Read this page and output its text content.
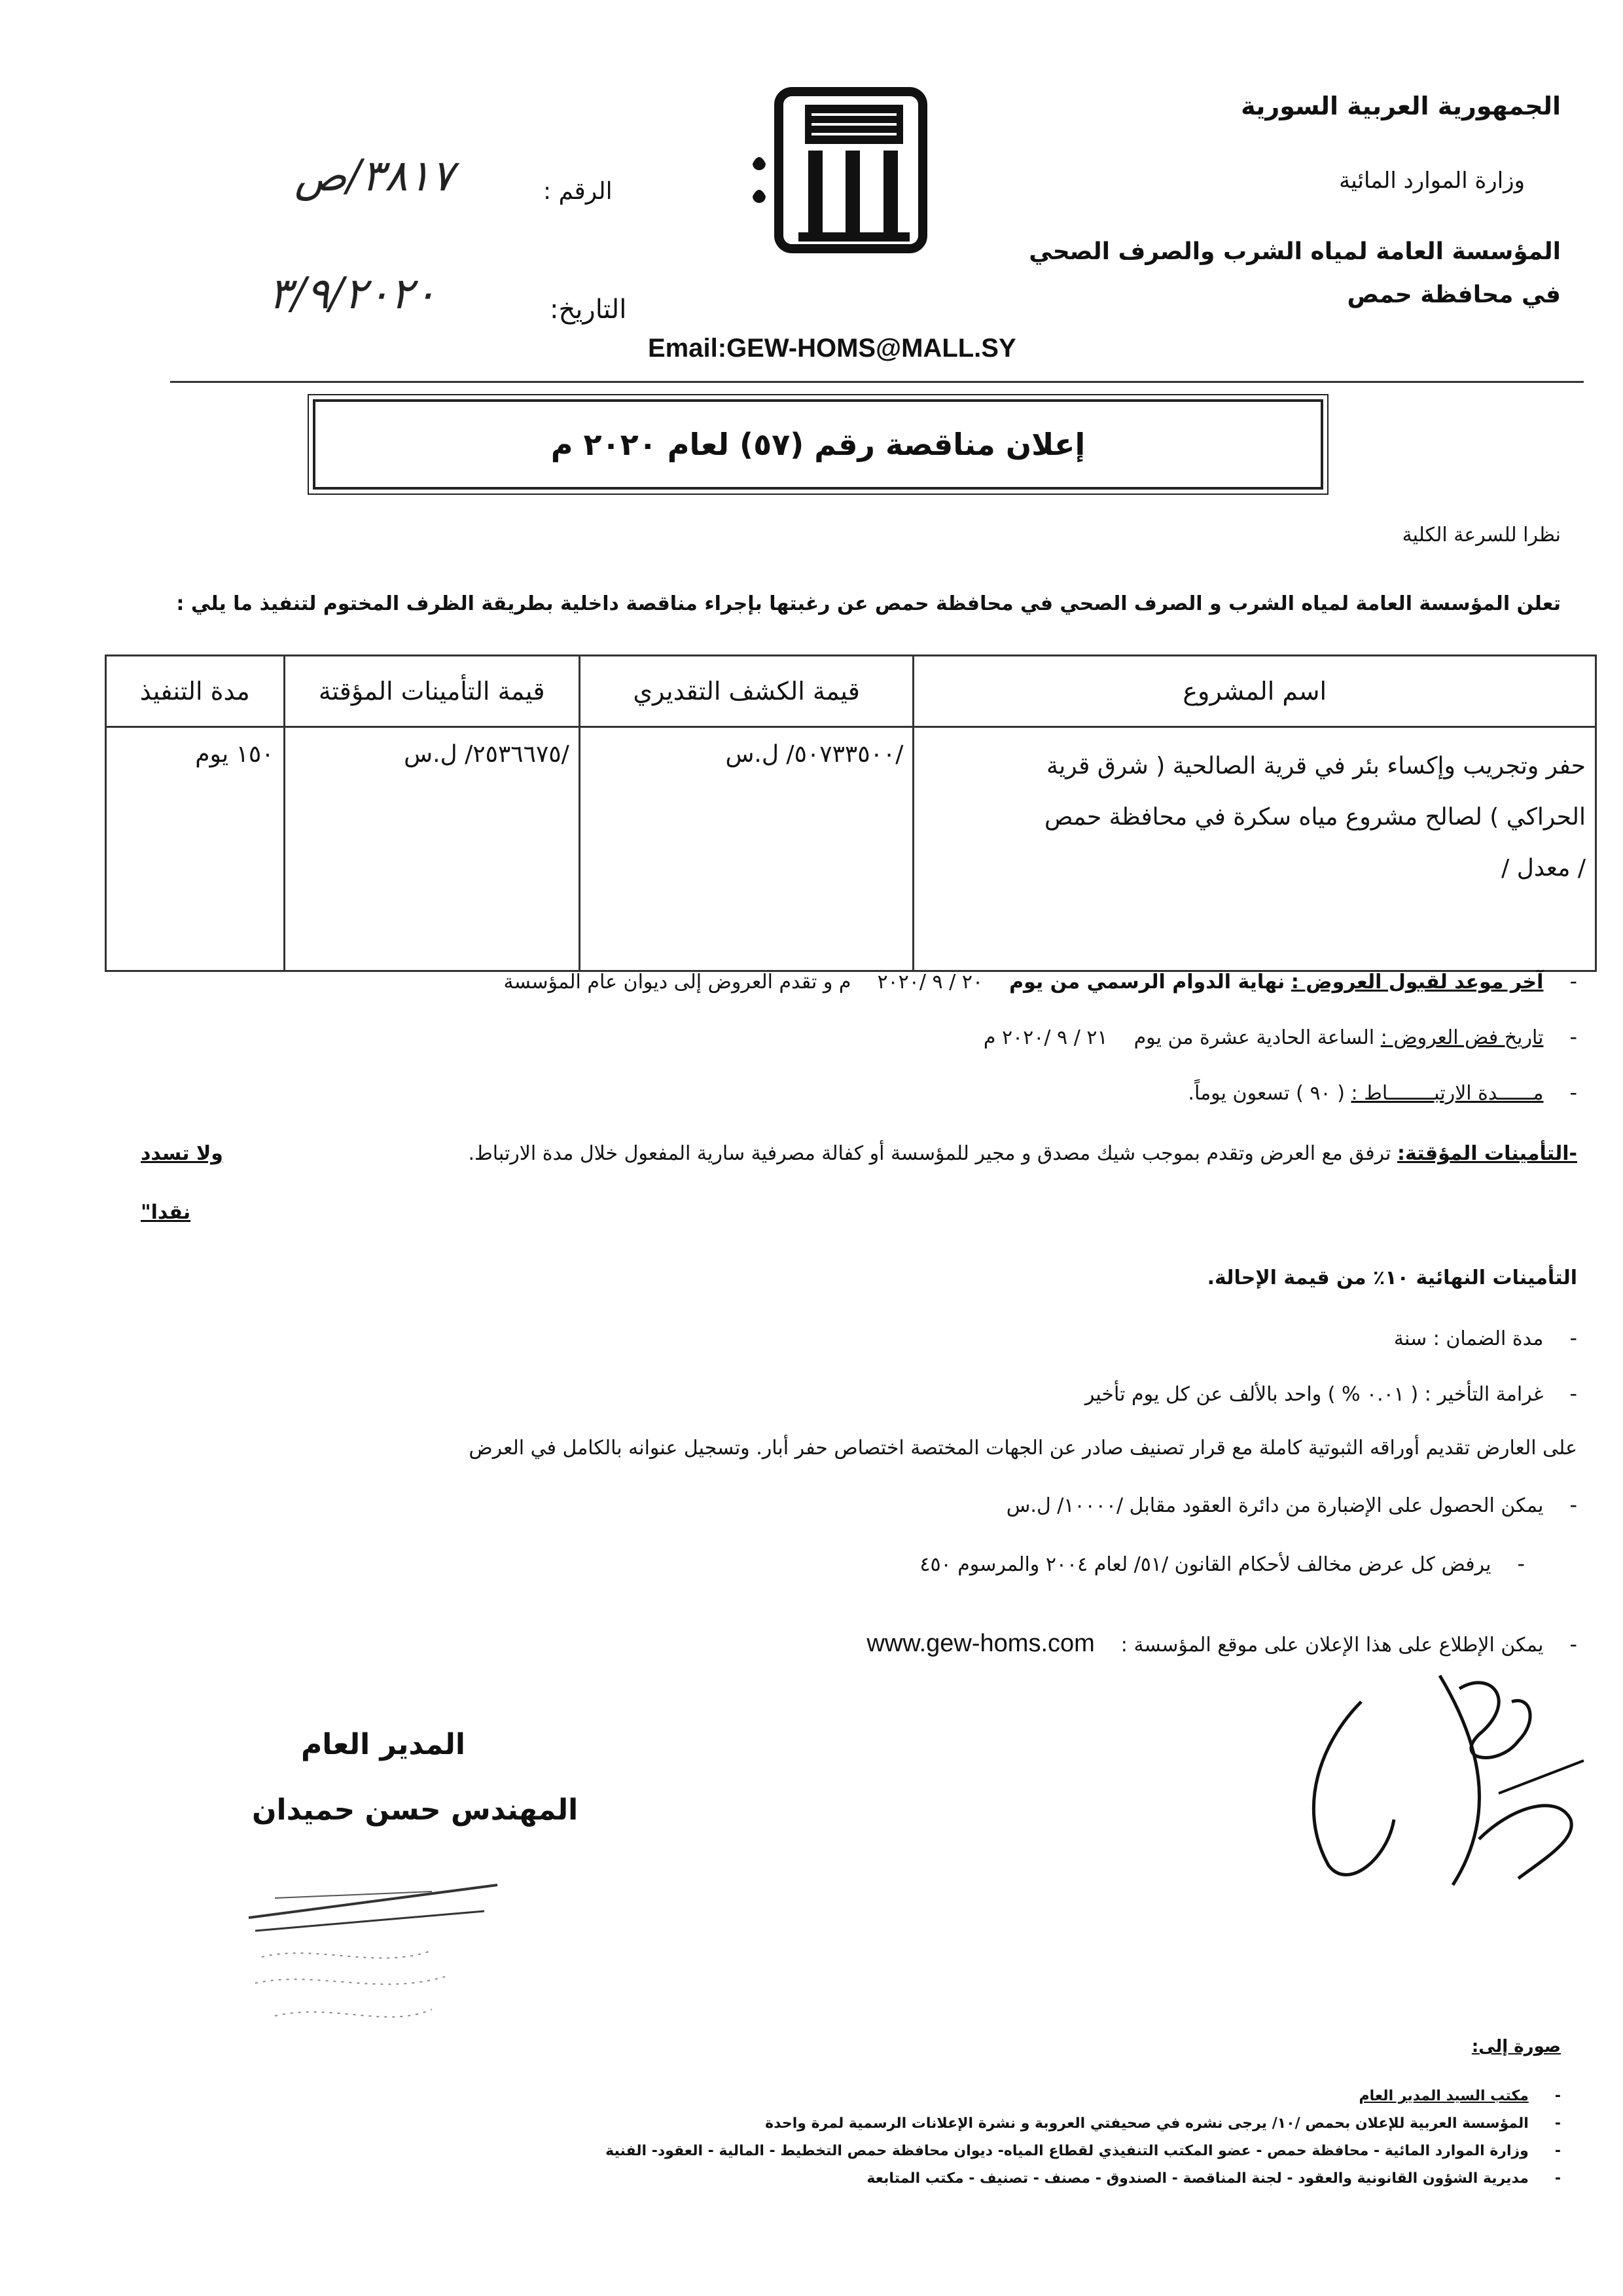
الجمهورية العربية السورية
وزارة الموارد المائية
المؤسسة العامة لمياه الشرب والصرف الصحي
في محافظة حمص
الرقم :
٣٨١٧/ص
التاريخ:
٣/٩/٢٠٢٠
Email:GEW-HOMS@MALL.SY
إعلان مناقصة رقم (٥٧) لعام ٢٠٢٠ م
نظرا للسرعة الكلية
تعلن المؤسسة العامة لمياه الشرب و الصرف الصحي في محافظة حمص عن رغبتها بإجراء مناقصة داخلية بطريقة الظرف المختوم لتنفيذ ما يلي :
اسم المشروع	قيمة الكشف التقديري	قيمة التأمينات المؤقتة	مدة التنفيذ

حفر وتجريب وإكساء بئر في قرية الصالحية ( شرق قرية
الحراكي ) لصالح مشروع مياه سكرة في محافظة حمص
/ معدل /	/٥٠٧٣٣٥٠٠/ ل.س	/٢٥٣٦٦٧٥/ ل.س	١٥٠ يوم
-
آخر موعد لقبول العروض : نهاية الدوام الرسمي من يوم
٢٠ / ٩ /٢٠٢٠
م و تقدم العروض إلى ديوان عام المؤسسة
-
تاريخ فض العروض : الساعة الحادية عشرة من يوم
٢١ / ٩ /٢٠٢٠ م
-
مــــــدة الارتبــــــــاط : ( ٩٠ ) تسعون يوماً.
-التأمينات المؤقتة: ترفق مع العرض وتقدم بموجب شيك مصدق و مجير للمؤسسة أو كفالة مصرفية سارية المفعول خلال مدة الارتباط.
ولا تسدد
نقدا"
التأمينات النهائية ١٠٪ من قيمة الإحالة.
-
مدة الضمان : سنة
-
غرامة التأخير : ( ٠.٠١ % ) واحد بالألف عن كل يوم تأخير
على العارض تقديم أوراقه الثبوتية كاملة مع قرار تصنيف صادر عن الجهات المختصة اختصاص حفر أبار. وتسجيل عنوانه بالكامل في العرض
-
يمكن الحصول على الإضبارة من دائرة العقود مقابل /١٠٠٠٠/ ل.س
-
يرفض كل عرض مخالف لأحكام القانون /٥١/ لعام ٢٠٠٤ والمرسوم ٤٥٠
-
يمكن الإطلاع على هذا الإعلان على موقع المؤسسة :
www.gew-homs.com
المدير العام
المهندس حسن حميدان
صورة إلى:
-
مكتب السيد المدير العام
-
المؤسسة العربية للإعلان بحمص /١٠/ يرجى نشره في صحيفتي العروبة و نشرة الإعلانات الرسمية لمرة واحدة
-
وزارة الموارد المائية - محافظة حمص - عضو المكتب التنفيذي لقطاع المياه- ديوان محافظة حمص التخطيط - المالية - العقود- الفنية
-
مديرية الشؤون القانونية والعقود - لجنة المناقصة - الصندوق - مصنف - تصنيف - مكتب المتابعة
